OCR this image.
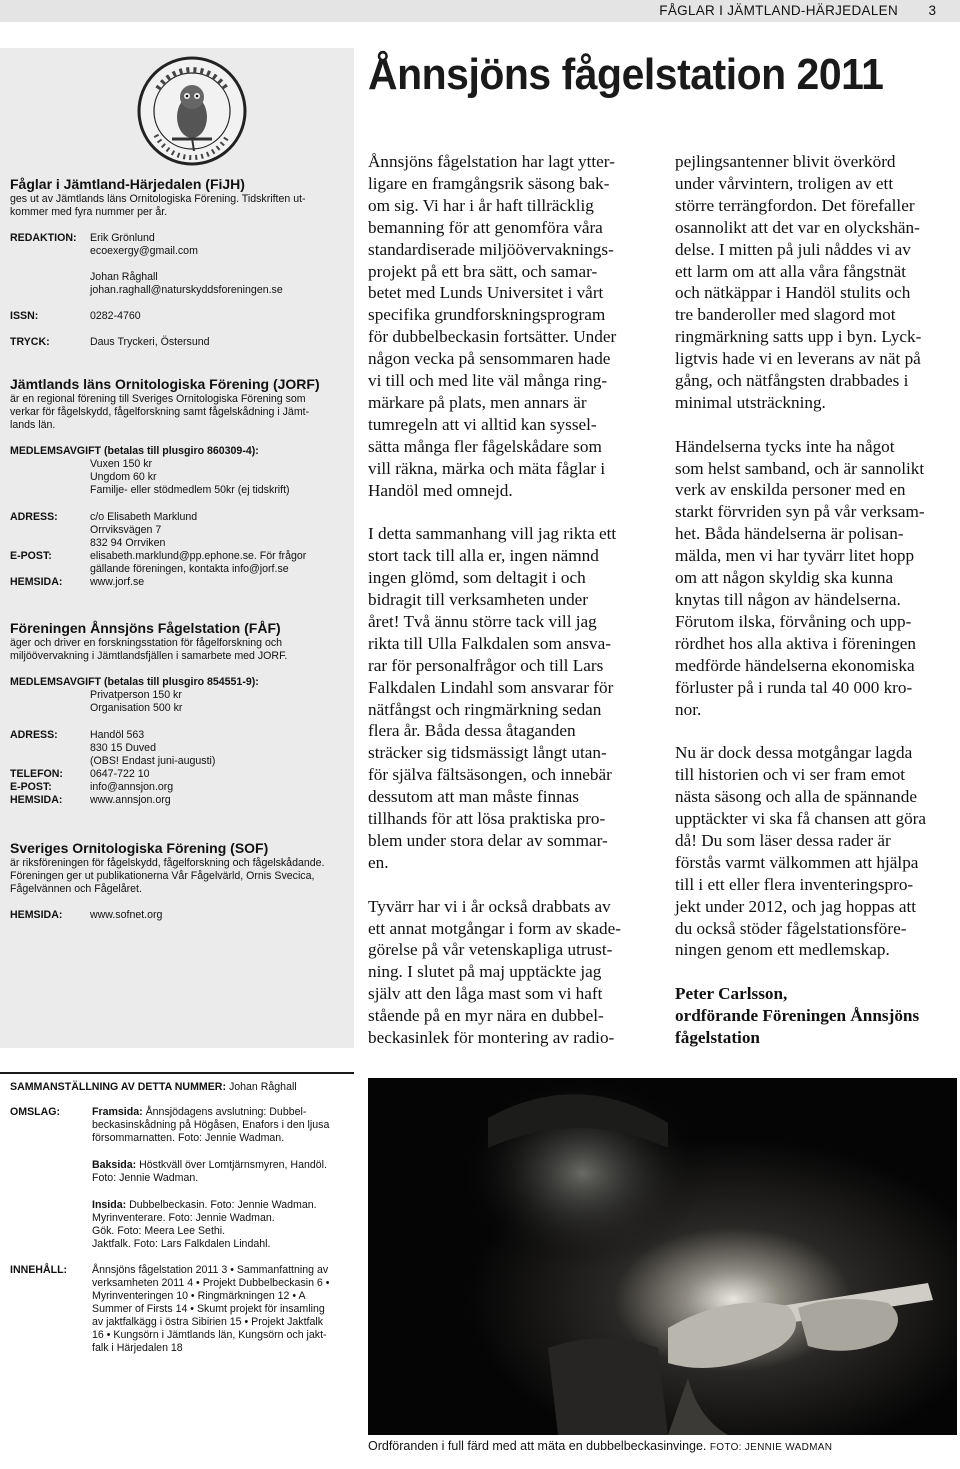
FÅGLAR I JÄMTLAND-HÄRJEDALEN 3
Fåglar i Jämtland-Härjedalen (FiJH)
ges ut av Jämtlands läns Ornitologiska Förening. Tidskriften ut-
kommer med fyra nummer per år.
REDAKTION: Erik Grönlund
ecoexergy@gmail.com
Johan Råghall
johan.raghall@naturskyddsforeningen.se
ISSN:	0282-4760
TRYCK:	Daus Tryckeri, Östersund
Jämtlands läns Ornitologiska Förening (JORF)
är en regional förening till Sveriges Ornitologiska Förening som
verkar för fågelskydd, fågelforskning samt fågelskådning i Jämt-
lands län.
MEDLEMSAVGIFT (betalas till plusgiro 860309-4):
Vuxen 150 kr
Ungdom 60 kr
Familje- eller stödmedlem 50kr (ej tidskrift)
ADRESS:	c/o Elisabeth Marklund
Orrviksvägen 7
832 94 Orrviken
E-POST:	elisabeth.marklund@pp.ephone.se. För frågor
gällande föreningen, kontakta info@jorf.se
HEMSIDA:	www.jorf.se
Föreningen Ånnsjöns Fågelstation (FÅF)
äger och driver en forskningsstation för fågelforskning och
miljöövervakning i Jämtlandsfjällen i samarbete med JORF.
MEDLEMSAVGIFT (betalas till plusgiro 854551-9):
Privatperson 150 kr
Organisation 500 kr
ADRESS:	Handöl 563
830 15 Duved
(OBS! Endast juni-augusti)
TELEFON:	0647-722 10
E-POST:	info@annsjon.org
HEMSIDA:	www.annsjon.org
Sveriges Ornitologiska Förening (SOF)
är riksföreningen för fågelskydd, fågelforskning och fågelskådande.
Föreningen ger ut publikationerna Vår Fågelvärld, Ornis Svecica,
Fågelvännen och Fågelåret.
HEMSIDA:	www.sofnet.org
Ånnsjöns fågelstation 2011

Ånnsjöns fågelstation har lagt ytter-
ligare en framgångsrik säsong bak-
om sig. Vi har i år haft tillräcklig
bemanning för att genomföra våra
standardiserade miljöövervaknings-
projekt på ett bra sätt, och samar-
betet med Lunds Universitet i vårt
specifika grundforskningsprogram
för dubbelbeckasin fortsätter. Under
någon vecka på sensommaren hade
vi till och med lite väl många ring-
märkare på plats, men annars är
tumregeln att vi alltid kan syssel-
sätta många fler fågelskådare som
vill räkna, märka och mäta fåglar i
Handöl med omnejd.

I detta sammanhang vill jag rikta ett
stort tack till alla er, ingen nämnd
ingen glömd, som deltagit i och
bidragit till verksamheten under
året! Två ännu större tack vill jag
rikta till Ulla Falkdalen som ansva-
rar för personalfrågor och till Lars
Falkdalen Lindahl som ansvarar för
nätfångst och ringmärkning sedan
flera år. Båda dessa åtaganden
sträcker sig tidsmässigt långt utan-
för själva fältsäsongen, och innebär
dessutom att man måste finnas
tillhands för att lösa praktiska pro-
blem under stora delar av sommar-
en.

Tyvärr har vi i år också drabbats av
ett annat motgångar i form av skade-
görelse på vår vetenskapliga utrust-
ning. I slutet på maj upptäckte jag
själv att den låga mast som vi haft
stående på en myr nära en dubbel-
beckasinlek för montering av radio-

pejlingsantenner blivit överkörd
under vårvintern, troligen av ett
större terrängfordon. Det förefaller
osannolikt att det var en olyckshän-
delse. I mitten på juli nåddes vi av
ett larm om att alla våra fångstnät
och nätkäppar i Handöl stulits och
tre banderoller med slagord mot
ringmärkning satts upp i byn. Lyck-
ligtvis hade vi en leverans av nät på
gång, och nätfångsten drabbades i
minimal utsträckning.

Händelserna tycks inte ha något
som helst samband, och är sannolikt
verk av enskilda personer med en
starkt förvriden syn på vår verksam-
het. Båda händelserna är polisan-
mälda, men vi har tyvärr litet hopp
om att någon skyldig ska kunna
knytas till någon av händelserna.
Förutom ilska, förvåning och upp-
rördhet hos alla aktiva i föreningen
medförde händelserna ekonomiska
förluster på i runda tal 40 000 kro-
nor.

Nu är dock dessa motgångar lagda
till historien och vi ser fram emot
nästa säsong och alla de spännande
upptäckter vi ska få chansen att göra
då! Du som läser dessa rader är
förstås varmt välkommen att hjälpa
till i ett eller flera inventeringspro-
jekt under 2012, och jag hoppas att
du också stöder fågelstationsföre-
ningen genom ett medlemskap.

Peter Carlsson,
ordförande Föreningen Ånnsjöns
fågelstation

SAMMANSTÄLLNING AV DETTA NUMMER: Johan Råghall
OMSLAG:	Framsida: Ånnsjödagens avslutning: Dubbel-
beckasinskådning på Högåsen, Enafors i den ljusa
försommarnatten. Foto: Jennie Wadman.
Baksida: Höstkväll över Lomtjärnsmyren, Handöl.
Foto: Jennie Wadman.
Insida: Dubbelbeckasin. Foto: Jennie Wadman.
Myrinventerare. Foto: Jennie Wadman.
Gök. Foto: Meera Lee Sethi.
Jaktfalk. Foto: Lars Falkdalen Lindahl.
INNEHÅLL: Ånnsjöns fågelstation 2011 3 • Sammanfattning av
verksamheten 2011 4 • Projekt Dubbelbeckasin 6 •
Myrinventeringen 10 • Ringmärkningen 12 • A
Summer of Firsts 14 • Skumt projekt för insamling
av jaktfalkägg i östra Sibirien 15 • Projekt Jaktfalk
16 • Kungsörn i Jämtlands län, Kungsörn och jakt-
falk i Härjedalen 18
Ordföranden i full färd med att mäta en dubbelbeckasinvinge. FOTO: JENNIE WADMAN
